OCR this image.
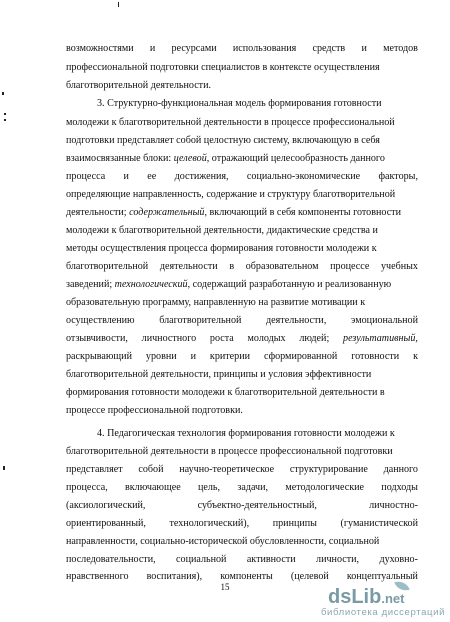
возможностями и ресурсами использования средств и методов
профессиональной подготовки специалистов в контексте осуществления
благотворительной деятельности.
3. Структурно-функциональная модель формирования готовности
молодежи к благотворительной деятельности в процессе профессиональной
подготовки представляет собой целостную систему, включающую в себя
взаимосвязанные блоки: целевой, отражающий целесообразность данного
процесса и ее достижения, социально-экономические факторы,
определяющие направленность, содержание и структуру благотворительной
деятельности; содержательный, включающий в себя компоненты готовности
молодежи к благотворительной деятельности, дидактические средства и
методы осуществления процесса формирования готовности молодежи к
благотворительной деятельности в образовательном процессе учебных
заведений; технологический, содержащий разработанную и реализованную
образовательную программу, направленную на развитие мотивации к
осуществлению благотворительной деятельности, эмоциональной
отзывчивости, личностного роста молодых людей; результативный,
раскрывающий уровни и критерии сформированной готовности к
благотворительной деятельности, принципы и условия эффективности
формирования готовности молодежи к благотворительной деятельности в
процессе профессиональной подготовки.
4. Педагогическая технология формирования готовности молодежи к
благотворительной деятельности в процессе профессиональной подготовки
представляет собой научно-теоретическое структурирование данного
процесса, включающее цель, задачи, методологические подходы
(аксиологический,	субъектно-деятельностный,	личностно-
ориентированный, технологический), принципы (гуманистической
направленности, социально-исторической обусловленности, социальной
последовательности, социальной активности личности, духовно-
нравственного воспитания), компоненты (целевой концептуальный
15	dsLib.net
библиотека диссертаций
